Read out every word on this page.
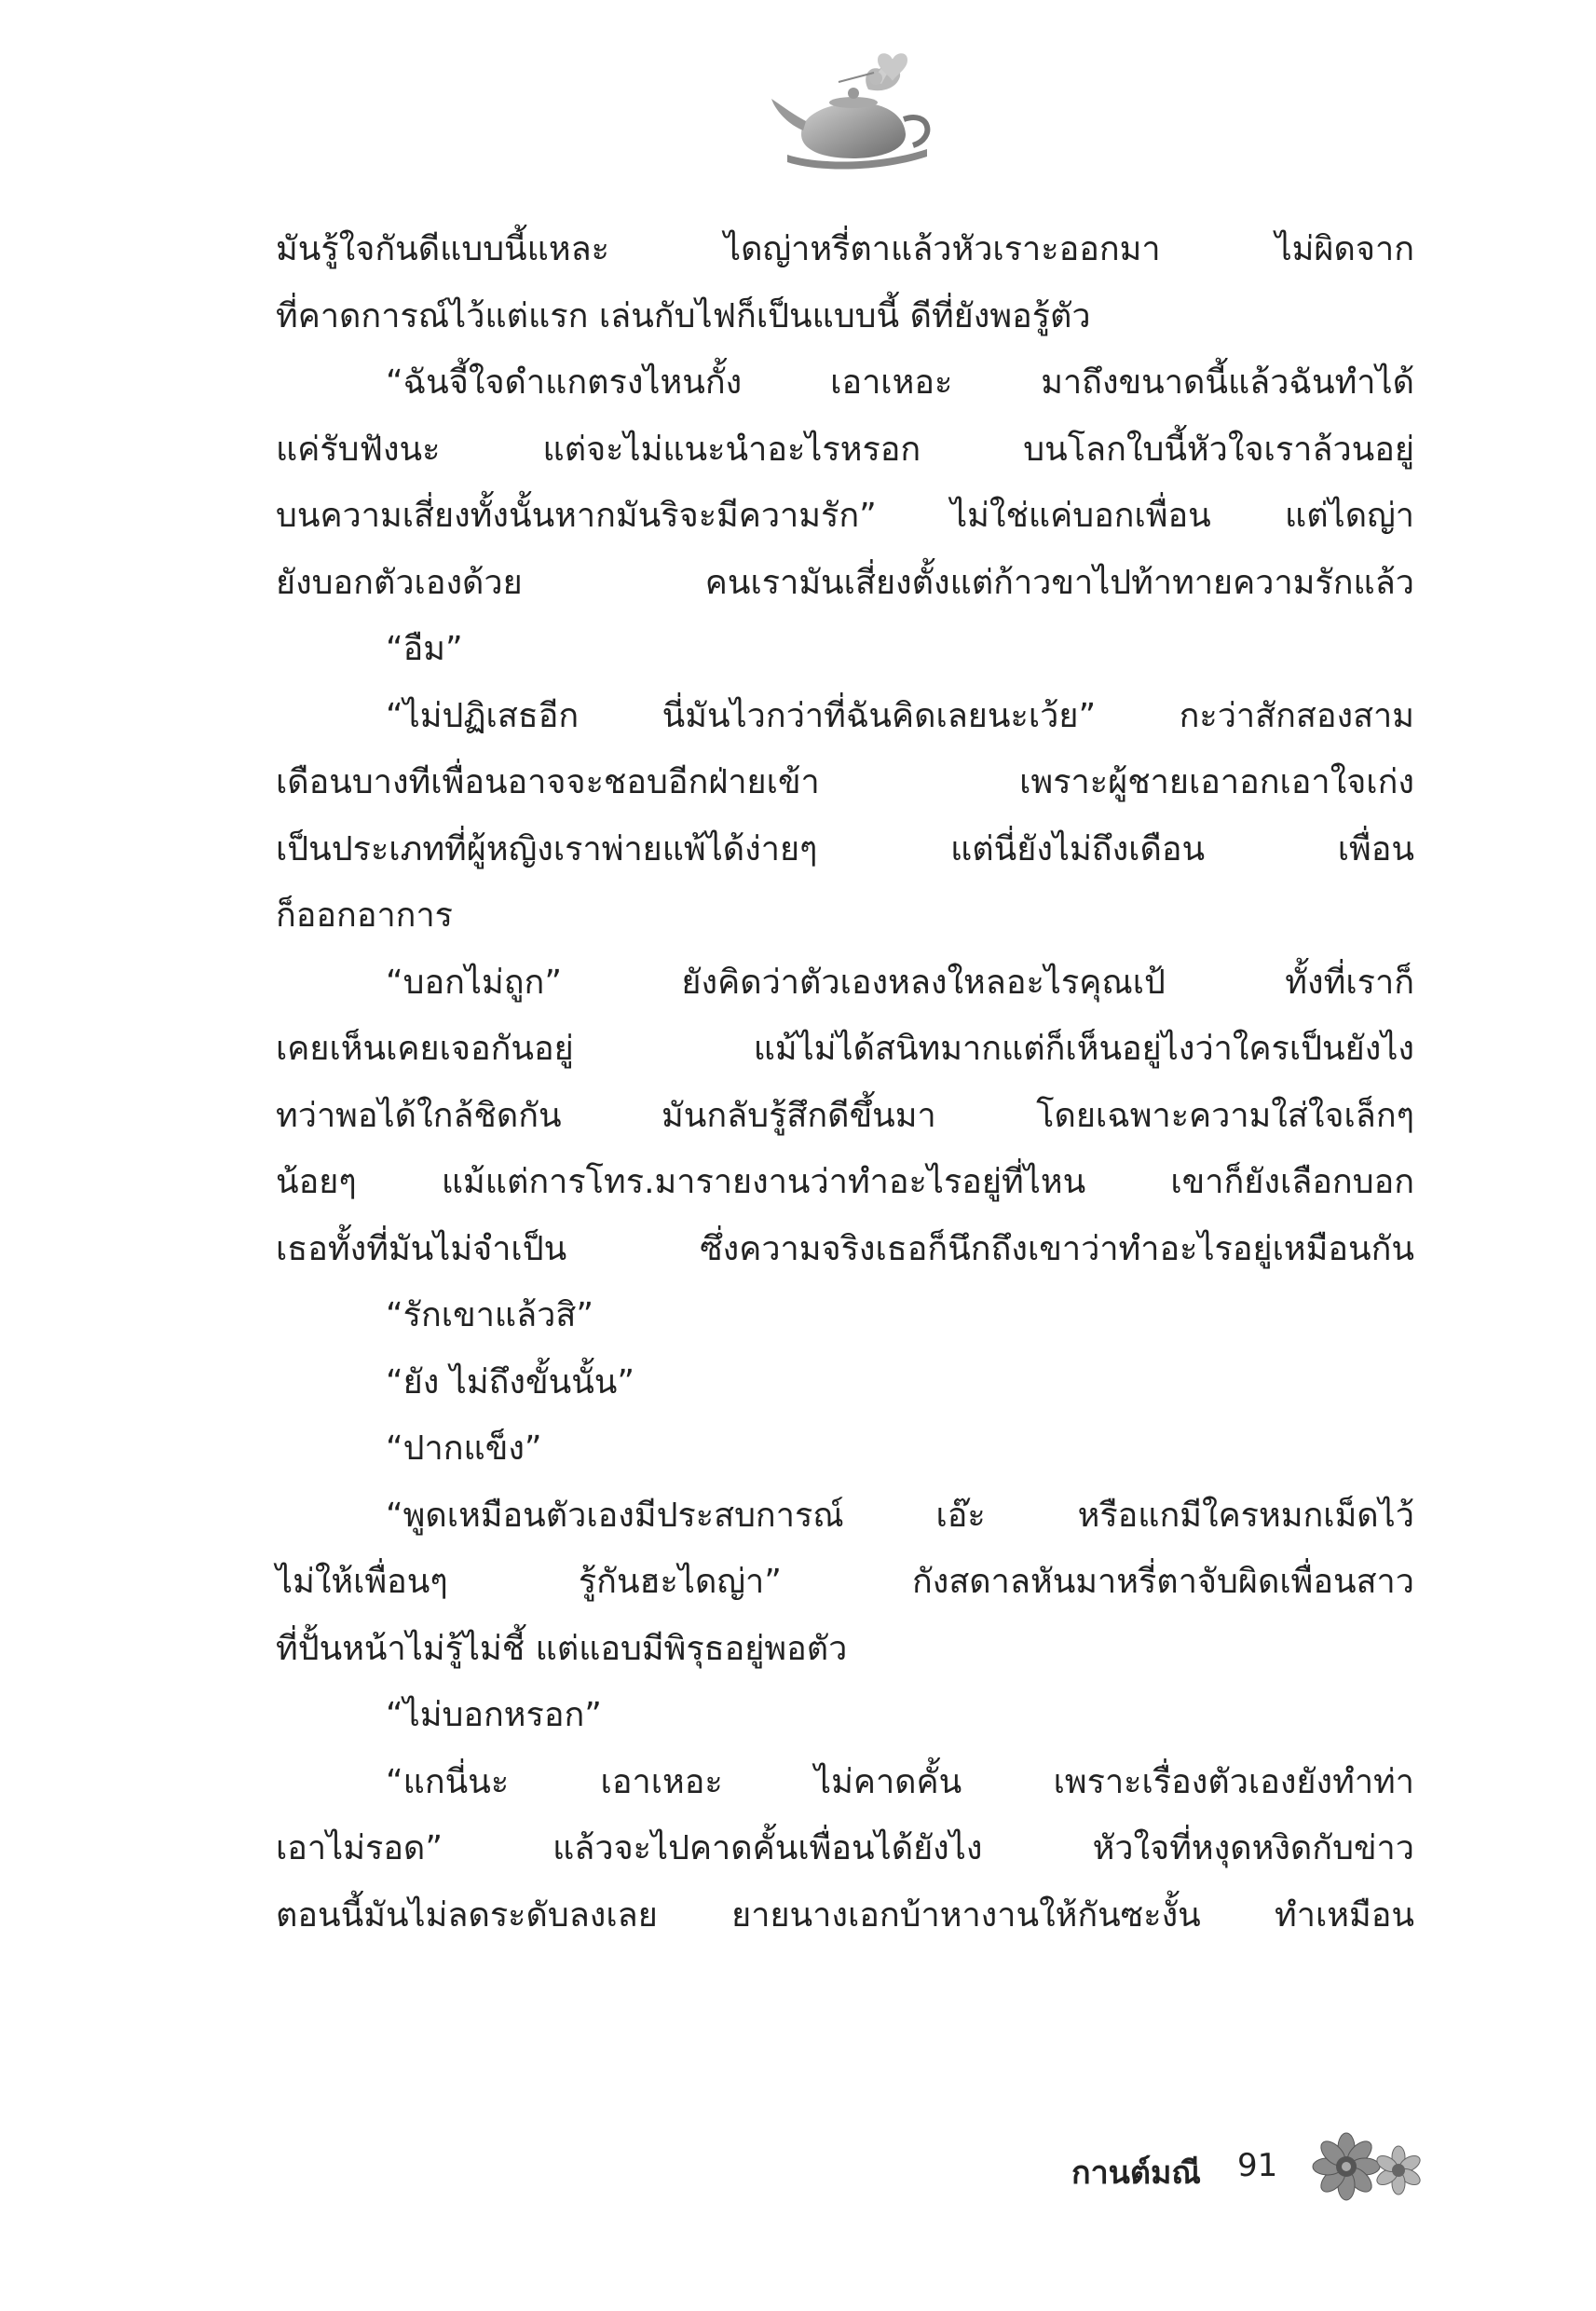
มันรู้ใจกันดีแบบนี้แหละ ไดญ่าหรี่ตาแล้วหัวเราะออกมา ไม่ผิดจาก
ที่คาดการณ์ไว้แต่แรก เล่นกับไฟก็เป็นแบบนี้ ดีที่ยังพอรู้ตัว
“ฉันจี้ใจดำแกตรงไหนกั้ง เอาเหอะ มาถึงขนาดนี้แล้วฉันทำได้
แค่รับฟังนะ แต่จะไม่แนะนำอะไรหรอก บนโลกใบนี้หัวใจเราล้วนอยู่
บนความเสี่ยงทั้งนั้นหากมันริจะมีความรัก” ไม่ใช่แค่บอกเพื่อน แต่ไดญ่า
ยังบอกตัวเองด้วย คนเรามันเสี่ยงตั้งแต่ก้าวขาไปท้าทายความรักแล้ว
“อืม”
“ไม่ปฏิเสธอีก นี่มันไวกว่าที่ฉันคิดเลยนะเว้ย” กะว่าสักสองสาม
เดือนบางทีเพื่อนอาจจะชอบอีกฝ่ายเข้า เพราะผู้ชายเอาอกเอาใจเก่ง
เป็นประเภทที่ผู้หญิงเราพ่ายแพ้ได้ง่ายๆ แต่นี่ยังไม่ถึงเดือน เพื่อน
ก็ออกอาการ
“บอกไม่ถูก” ยังคิดว่าตัวเองหลงใหลอะไรคุณเป้ ทั้งที่เราก็
เคยเห็นเคยเจอกันอยู่ แม้ไม่ได้สนิทมากแต่ก็เห็นอยู่ไงว่าใครเป็นยังไง
ทว่าพอได้ใกล้ชิดกัน มันกลับรู้สึกดีขึ้นมา โดยเฉพาะความใส่ใจเล็กๆ
น้อยๆ แม้แต่การโทร.มารายงานว่าทำอะไรอยู่ที่ไหน เขาก็ยังเลือกบอก
เธอทั้งที่มันไม่จำเป็น ซึ่งความจริงเธอก็นึกถึงเขาว่าทำอะไรอยู่เหมือนกัน
“รักเขาแล้วสิ”
“ยัง ไม่ถึงขั้นนั้น”
“ปากแข็ง”
“พูดเหมือนตัวเองมีประสบการณ์ เอ๊ะ หรือแกมีใครหมกเม็ดไว้
ไม่ให้เพื่อนๆ รู้กันฮะไดญ่า” กังสดาลหันมาหรี่ตาจับผิดเพื่อนสาว
ที่ปั้นหน้าไม่รู้ไม่ชี้ แต่แอบมีพิรุธอยู่พอตัว
“ไม่บอกหรอก”
“แกนี่นะ เอาเหอะ ไม่คาดคั้น เพราะเรื่องตัวเองยังทำท่า
เอาไม่รอด” แล้วจะไปคาดคั้นเพื่อนได้ยังไง หัวใจที่หงุดหงิดกับข่าว
ตอนนี้มันไม่ลดระดับลงเลย ยายนางเอกบ้าหางานให้กันซะงั้น ทำเหมือน
กานต์มณี 91
